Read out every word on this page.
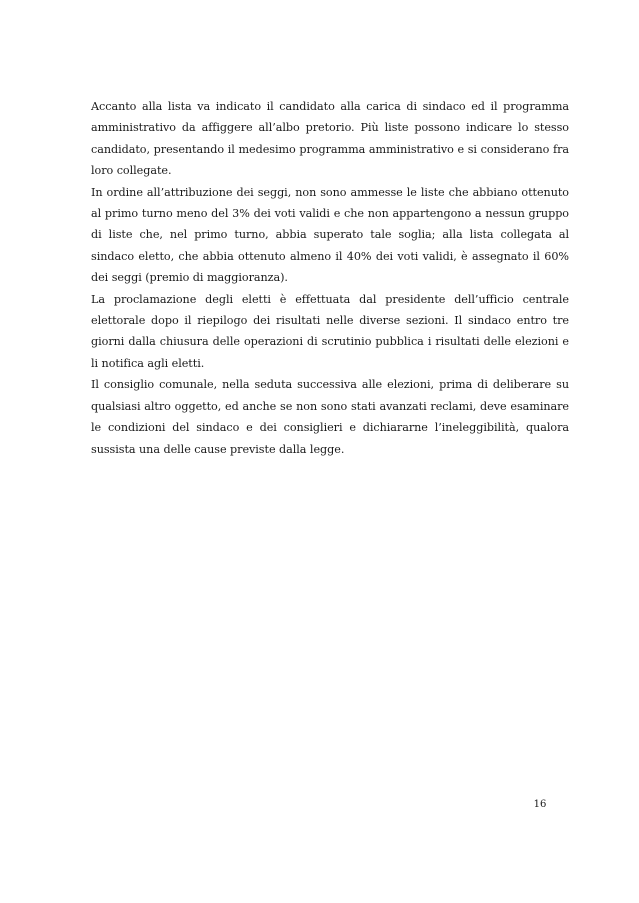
Accanto alla lista va indicato il candidato alla carica di sindaco ed il programma amministrativo da affiggere all’albo pretorio. Più liste possono indicare lo stesso candidato, presentando il medesimo programma amministrativo e si considerano fra loro collegate.

In ordine all’attribuzione dei seggi, non sono ammesse le liste che abbiano ottenuto al primo turno meno del 3% dei voti validi e che non appartengono a nessun gruppo di liste che, nel primo turno, abbia superato tale soglia; alla lista collegata al sindaco eletto, che abbia ottenuto almeno il 40% dei voti validi, è assegnato il 60% dei seggi (premio di maggioranza).

La proclamazione degli eletti è effettuata dal presidente dell’ufficio centrale elettorale dopo il riepilogo dei risultati nelle diverse sezioni. Il sindaco entro tre giorni dalla chiusura delle operazioni di scrutinio pubblica i risultati delle elezioni e li notifica agli eletti.

Il consiglio comunale, nella seduta successiva alle elezioni, prima di deliberare su qualsiasi altro oggetto, ed anche se non sono stati avanzati reclami, deve esaminare le condizioni del sindaco e dei consiglieri e dichiararne l’ineleggibilità, qualora sussista una delle cause previste dalla legge.

16
